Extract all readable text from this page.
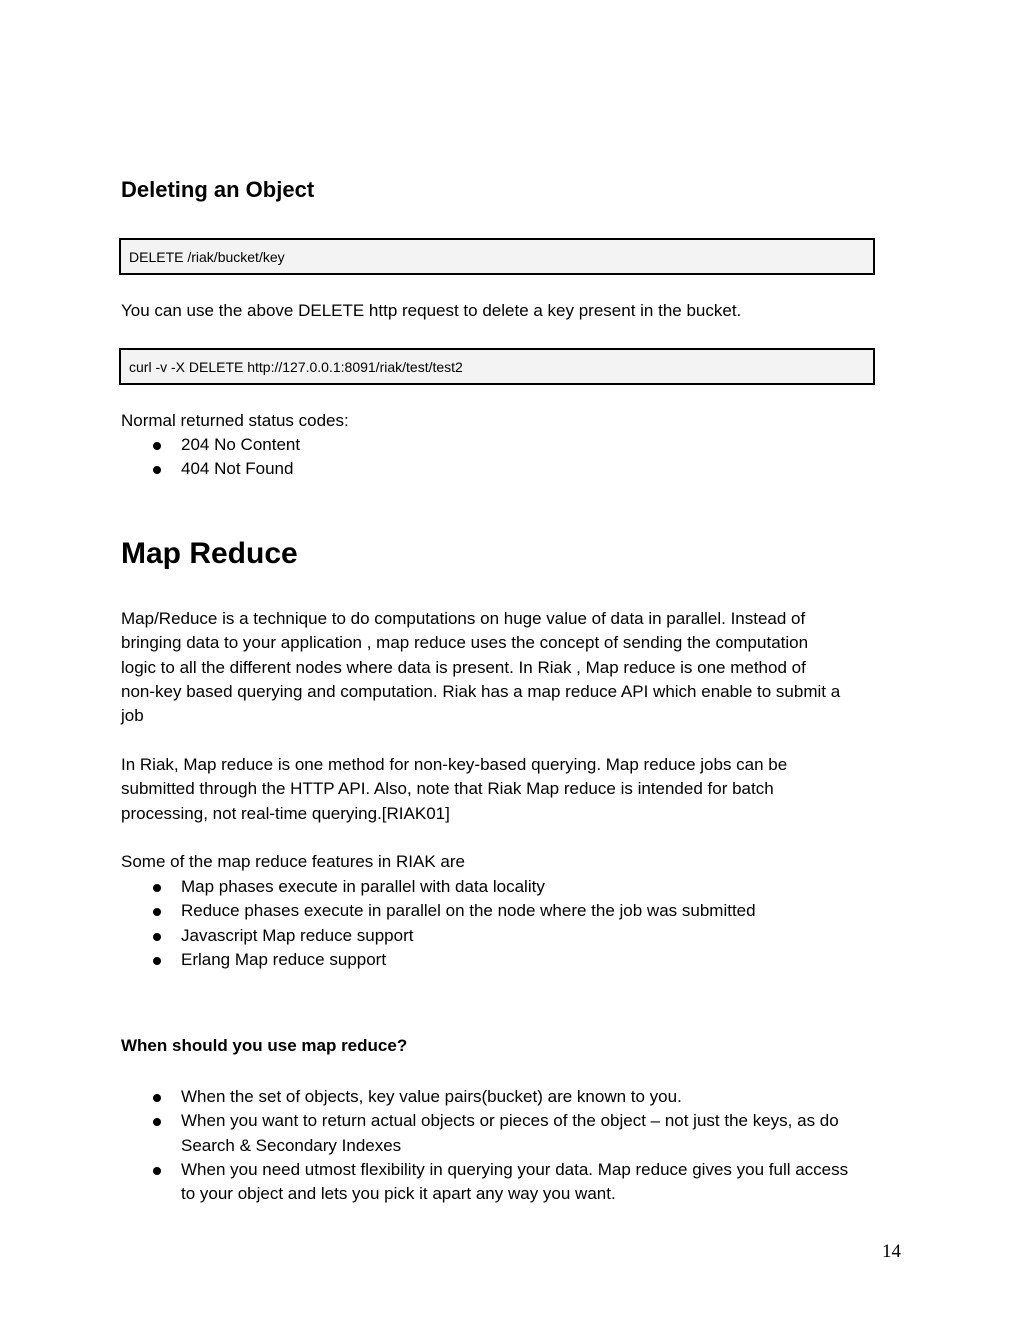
Deleting an Object
DELETE /riak/bucket/key

You can use the above DELETE http request to delete a key present in the bucket.

curl -v -X DELETE http://127.0.0.1:8091/riak/test/test2

Normal returned status codes:

204 No Content
404 Not Found
Map Reduce
Map/Reduce is a technique to do computations on huge value of data in parallel. Instead of
bringing data to your application , map reduce uses the concept of sending the computation
logic to all the different nodes where data is present. In Riak , Map reduce is one method of
non-key based querying and computation. Riak has a map reduce API which enable to submit a
job
In Riak, Map reduce is one method for non-key-based querying. Map reduce jobs can be
submitted through the HTTP API. Also, note that Riak Map reduce is intended for batch
processing, not real-time querying.[RIAK01]

Some of the map reduce features in RIAK are

Map phases execute in parallel with data locality
Reduce phases execute in parallel on the node where the job was submitted
Javascript Map reduce support
Erlang Map reduce support
When should you use map reduce?
When the set of objects, key value pairs(bucket) are known to you.
When you want to return actual objects or pieces of the object – not just the keys, as do
Search & Secondary Indexes
When you need utmost flexibility in querying your data. Map reduce gives you full access
to your object and lets you pick it apart any way you want.
14
